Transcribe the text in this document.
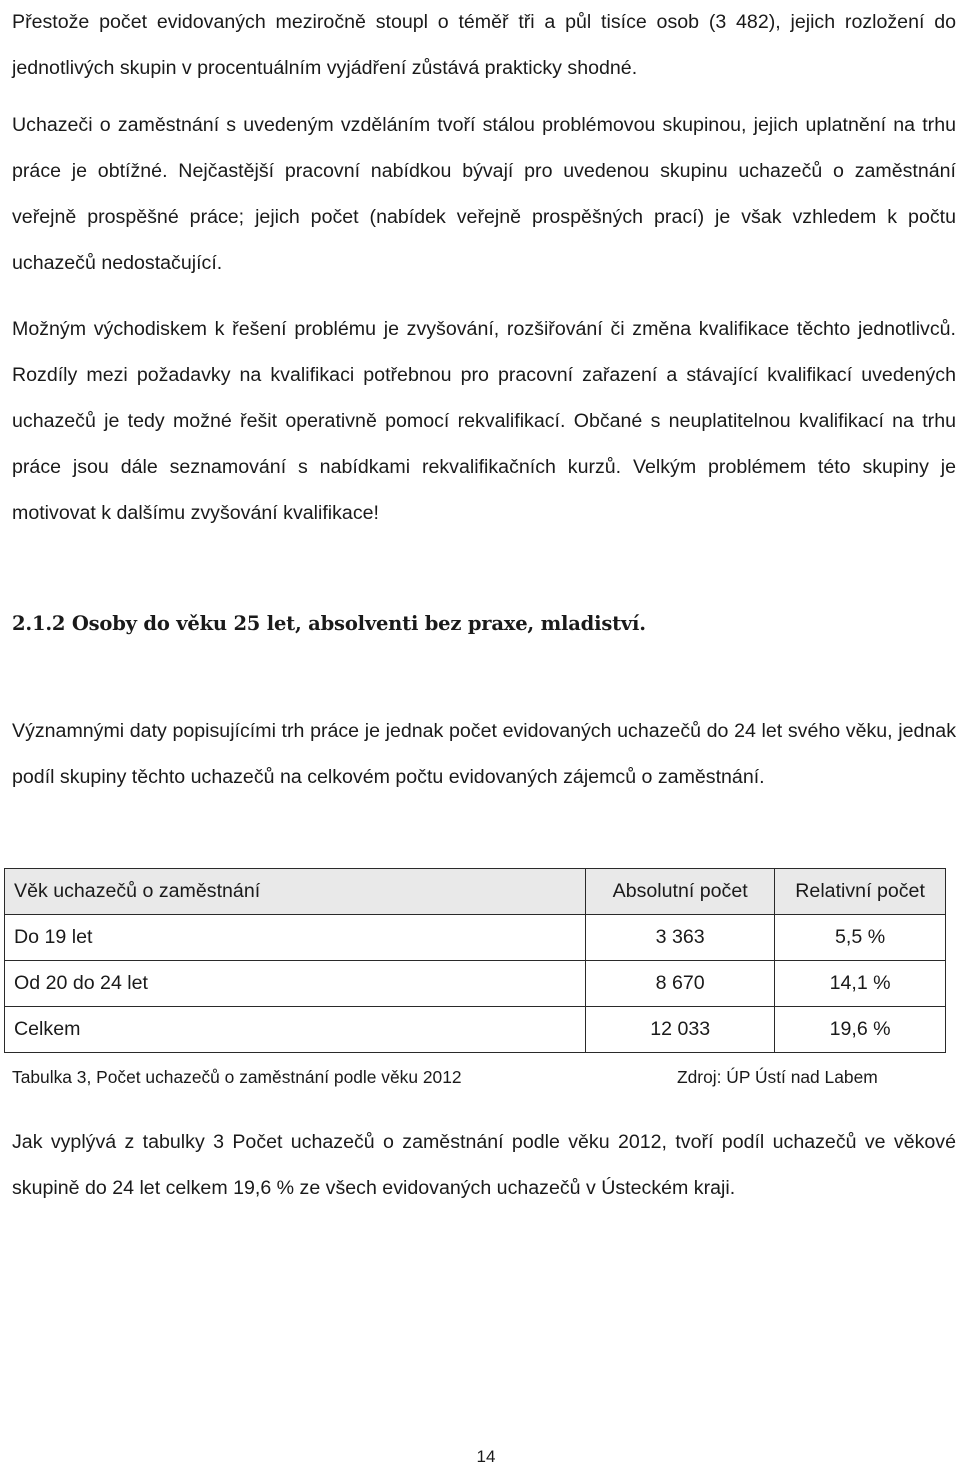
Přestože počet evidovaných meziročně stoupl o téměř tři a půl tisíce osob (3 482), jejich rozložení do jednotlivých skupin v procentuálním vyjádření zůstává prakticky shodné.

Uchazeči o zaměstnání s uvedeným vzděláním tvoří stálou problémovou skupinou, jejich uplatnění na trhu práce je obtížné. Nejčastější pracovní nabídkou bývají pro uvedenou skupinu uchazečů o zaměstnání veřejně prospěšné práce; jejich počet (nabídek veřejně prospěšných prací) je však vzhledem k počtu uchazečů nedostačující.

Možným východiskem k řešení problému je zvyšování, rozšiřování či změna kvalifikace těchto jednotlivců. Rozdíly mezi požadavky na kvalifikaci potřebnou pro pracovní zařazení a stávající kvalifikací uvedených uchazečů je tedy možné řešit operativně pomocí rekvalifikací. Občané s neuplatitelnou kvalifikací na trhu práce jsou dále seznamování s nabídkami rekvalifikačních kurzů. Velkým problémem této skupiny je motivovat k dalšímu zvyšování kvalifikace!

2.1.2 Osoby do věku 25 let, absolventi bez praxe, mladiství.

Významnými daty popisujícími trh práce je jednak počet evidovaných uchazečů do 24 let svého věku, jednak podíl skupiny těchto uchazečů na celkovém počtu evidovaných zájemců o zaměstnání.

Věk uchazečů o zaměstnání	Absolutní počet	Relativní počet
Do 19 let	3 363	5,5 %
Od 20 do 24 let	8 670	14,1 %
Celkem	12 033	19,6 %

Tabulka 3, Počet uchazečů o zaměstnání podle věku 2012	Zdroj: ÚP Ústí nad Labem

Jak vyplývá z tabulky 3 Počet uchazečů o zaměstnání podle věku 2012, tvoří podíl uchazečů ve věkové skupině do 24 let celkem 19,6 % ze všech evidovaných uchazečů v Ústeckém kraji.

14
